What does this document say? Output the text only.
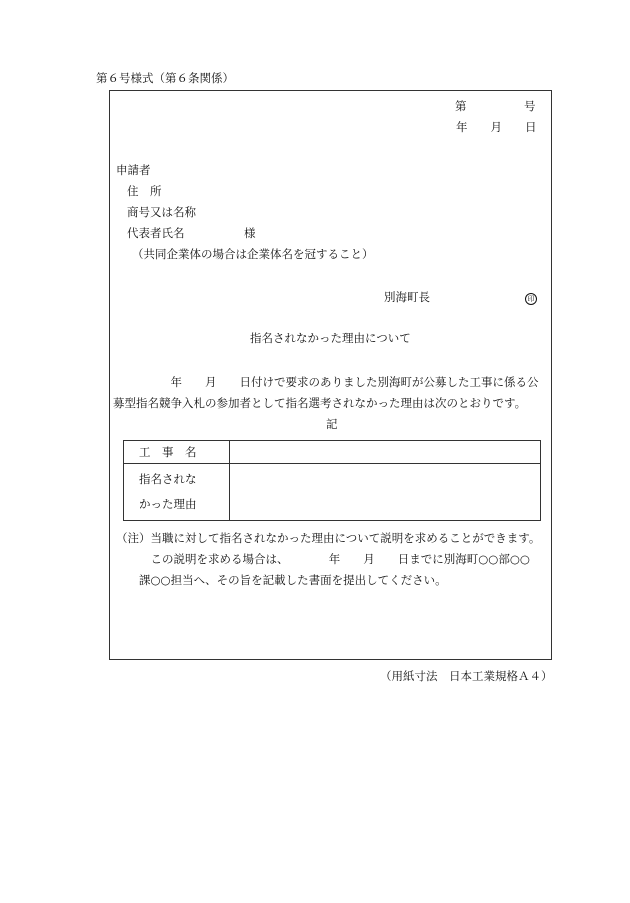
第６号様式（第６条関係）
第　　　　　号
年　　月　　日
申請者
住　所
商号又は名称
代表者氏名	様
（共同企業体の場合は企業体名を冠すること）
別海町長	印
指名されなかった理由について
　　　　　年　　月　　日付けで要求のありました別海町が公募した工事に係る公
募型指名競争入札の参加者として指名選考されなかった理由は次のとおりです。
記
工　事　名	

指名されな
かった理由	

（注）当職に対して指名されなかった理由について説明を求めることができます。
　　　この説明を求める場合は、　　　　年　　月　　日までに別海町○○部○○
　　課○○担当へ、その旨を記載した書面を提出してください。
（用紙寸法　日本工業規格Ａ４）
